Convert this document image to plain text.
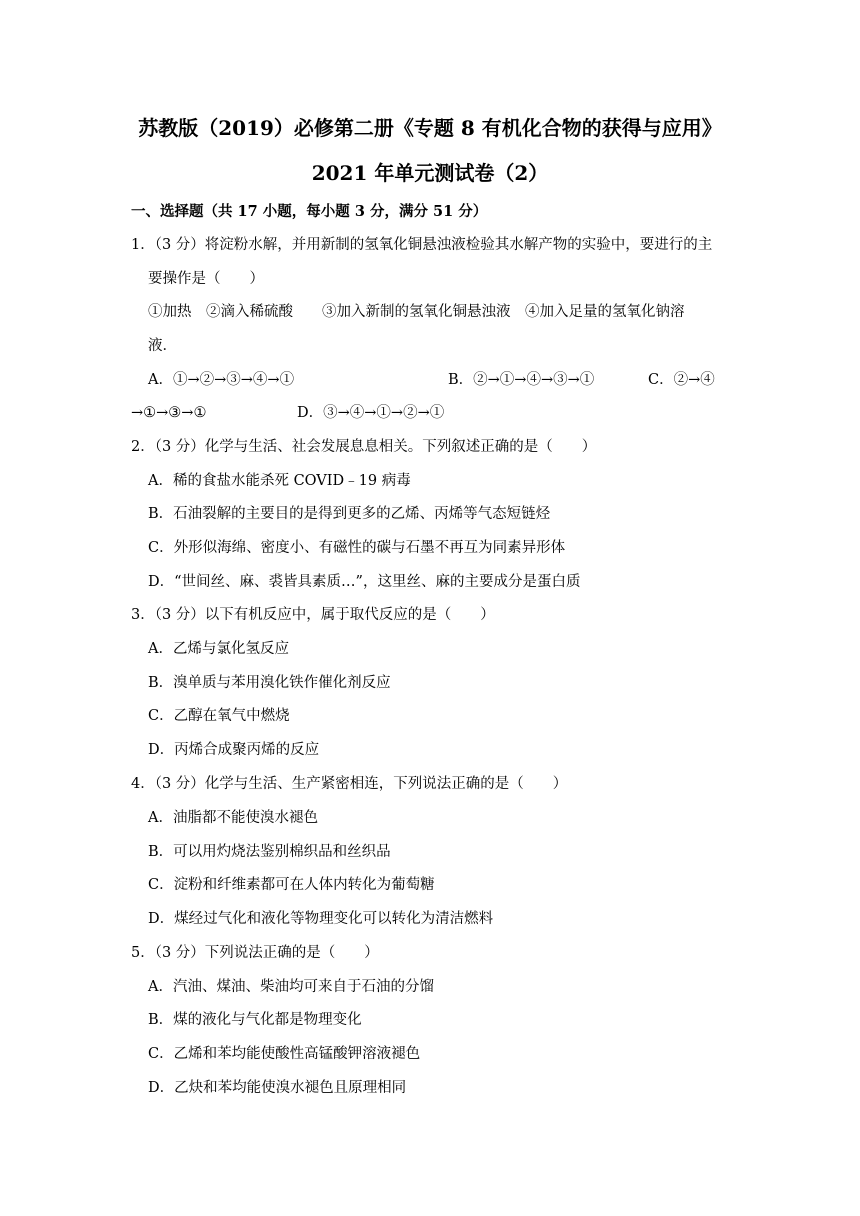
苏教版（2019）必修第二册《专题 8 有机化合物的获得与应用》
2021 年单元测试卷（2）
一、选择题（共 17 小题，每小题 3 分，满分 51 分）
1．（3 分）将淀粉水解，并用新制的氢氧化铜悬浊液检验其水解产物的实验中，要进行的主
要操作是（　　）
①加热　②滴入稀硫酸　　③加入新制的氢氧化铜悬浊液　④加入足量的氢氧化钠溶
液．
A．①→②→③→④→①	B．②→①→④→③→①	C．②→④
→①→③→①	D．③→④→①→②→①
2．（3 分）化学与生活、社会发展息息相关。下列叙述正确的是（　　）
A．稀的食盐水能杀死 COVID﹣19 病毒
B．石油裂解的主要目的是得到更多的乙烯、丙烯等气态短链烃
C．外形似海绵、密度小、有磁性的碳与石墨不再互为同素异形体
D．“世间丝、麻、裘皆具素质…”，这里丝、麻的主要成分是蛋白质
3．（3 分）以下有机反应中，属于取代反应的是（　　）
A．乙烯与氯化氢反应
B．溴单质与苯用溴化铁作催化剂反应
C．乙醇在氧气中燃烧
D．丙烯合成聚丙烯的反应
4．（3 分）化学与生活、生产紧密相连，下列说法正确的是（　　）
A．油脂都不能使溴水褪色
B．可以用灼烧法鉴别棉织品和丝织品
C．淀粉和纤维素都可在人体内转化为葡萄糖
D．煤经过气化和液化等物理变化可以转化为清洁燃料
5．（3 分）下列说法正确的是（　　）
A．汽油、煤油、柴油均可来自于石油的分馏
B．煤的液化与气化都是物理变化
C．乙烯和苯均能使酸性高锰酸钾溶液褪色
D．乙炔和苯均能使溴水褪色且原理相同
